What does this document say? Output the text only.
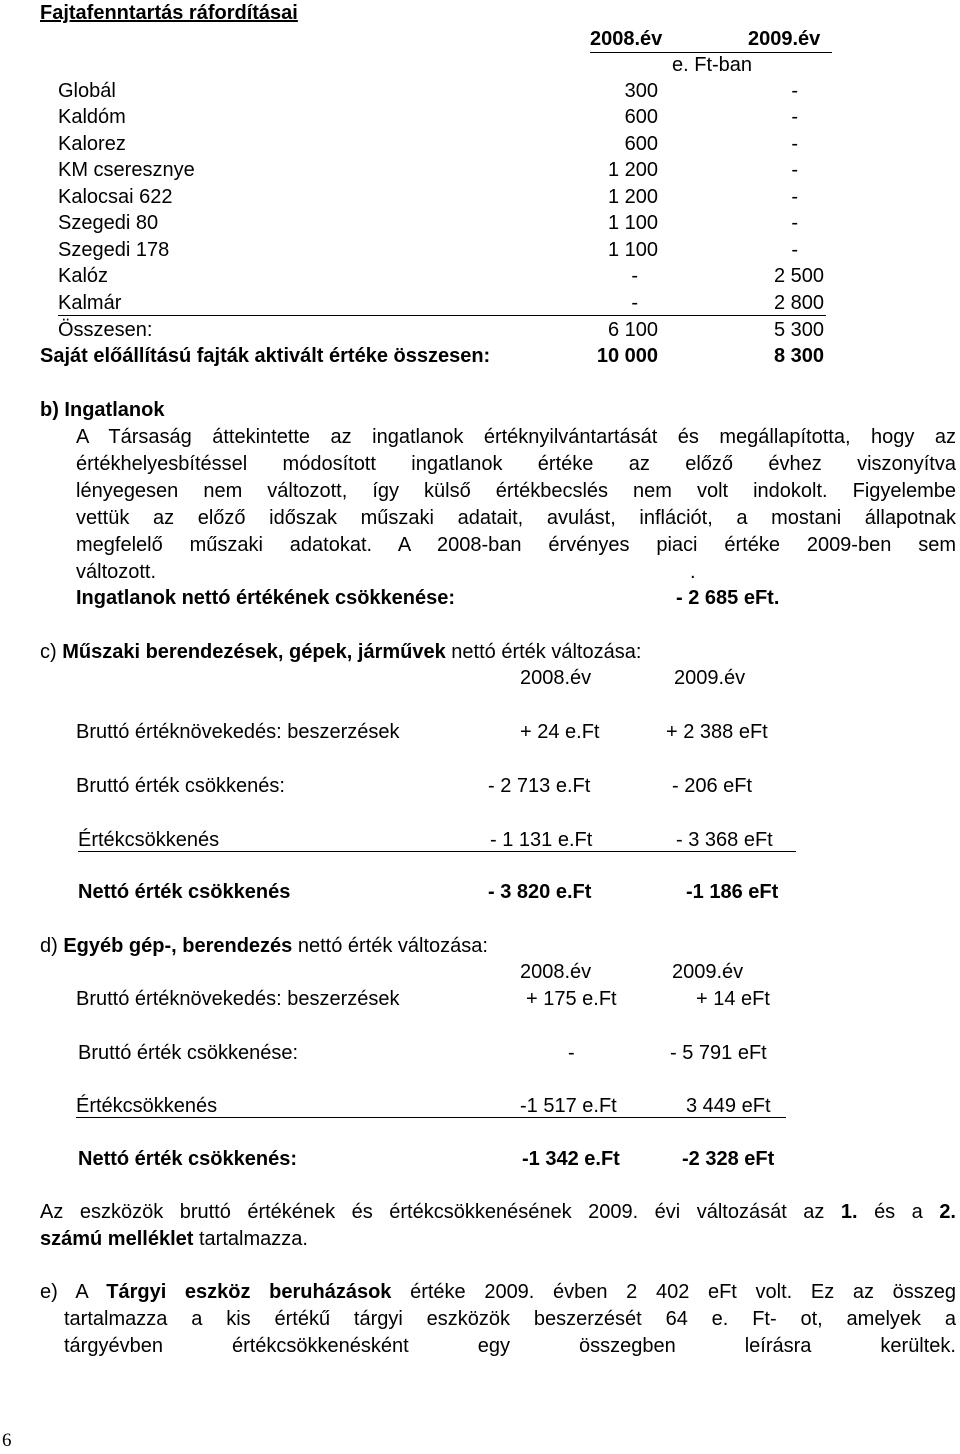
Fajtafenntartás ráfordításai
2008.év	2009.év
e. Ft-ban
Globál	300	-
Kaldóm	600	-
Kalorez	600	-
KM cseresznye	1 200	-
Kalocsai 622	1 200	-
Szegedi 80	1 100	-
Szegedi 178	1 100	-
Kalóz	-	2 500
Kalmár	-	2 800
Összesen:	6 100	5 300
Saját előállítású fajták aktivált értéke összesen:	10 000	8 300
b) Ingatlanok
A Társaság áttekintette az ingatlanok értéknyilvántartását és megállapította, hogy az
értékhelyesbítéssel módosított ingatlanok értéke az előző évhez viszonyítva
lényegesen nem változott, így külső értékbecslés nem volt indokolt. Figyelembe
vettük az előző időszak műszaki adatait, avulást, inflációt, a mostani állapotnak
megfelelő műszaki adatokat. A 2008-ban érvényes piaci értéke 2009-ben sem
változott.	.
Ingatlanok nettó értékének csökkenése:	- 2 685 eFt.
c) Műszaki berendezések, gépek, járművek nettó érték változása:
2008.év	2009.év
Bruttó értéknövekedés: beszerzések	+ 24 e.Ft	+ 2 388 eFt
Bruttó érték csökkenés:	- 2 713 e.Ft	- 206 eFt
Értékcsökkenés	- 1 131 e.Ft	- 3 368 eFt
Nettó érték csökkenés	- 3 820 e.Ft	-1 186 eFt
d) Egyéb gép-, berendezés nettó érték változása:
2008.év	2009.év
Bruttó értéknövekedés: beszerzések	+ 175 e.Ft	+ 14 eFt
Bruttó érték csökkenése:	-	- 5 791 eFt
Értékcsökkenés	-1 517 e.Ft	3 449 eFt
Nettó érték csökkenés:	-1 342 e.Ft	-2 328 eFt
Az eszközök bruttó értékének és értékcsökkenésének 2009. évi változását az 1. és a 2.
számú melléklet tartalmazza.
e) A Tárgyi eszköz beruházások értéke 2009. évben 2 402 eFt volt. Ez az összeg
tartalmazza a kis értékű tárgyi eszközök beszerzését 64 e. Ft- ot, amelyek a
tárgyévben értékcsökkenésként egy összegben leírásra kerültek.
6
